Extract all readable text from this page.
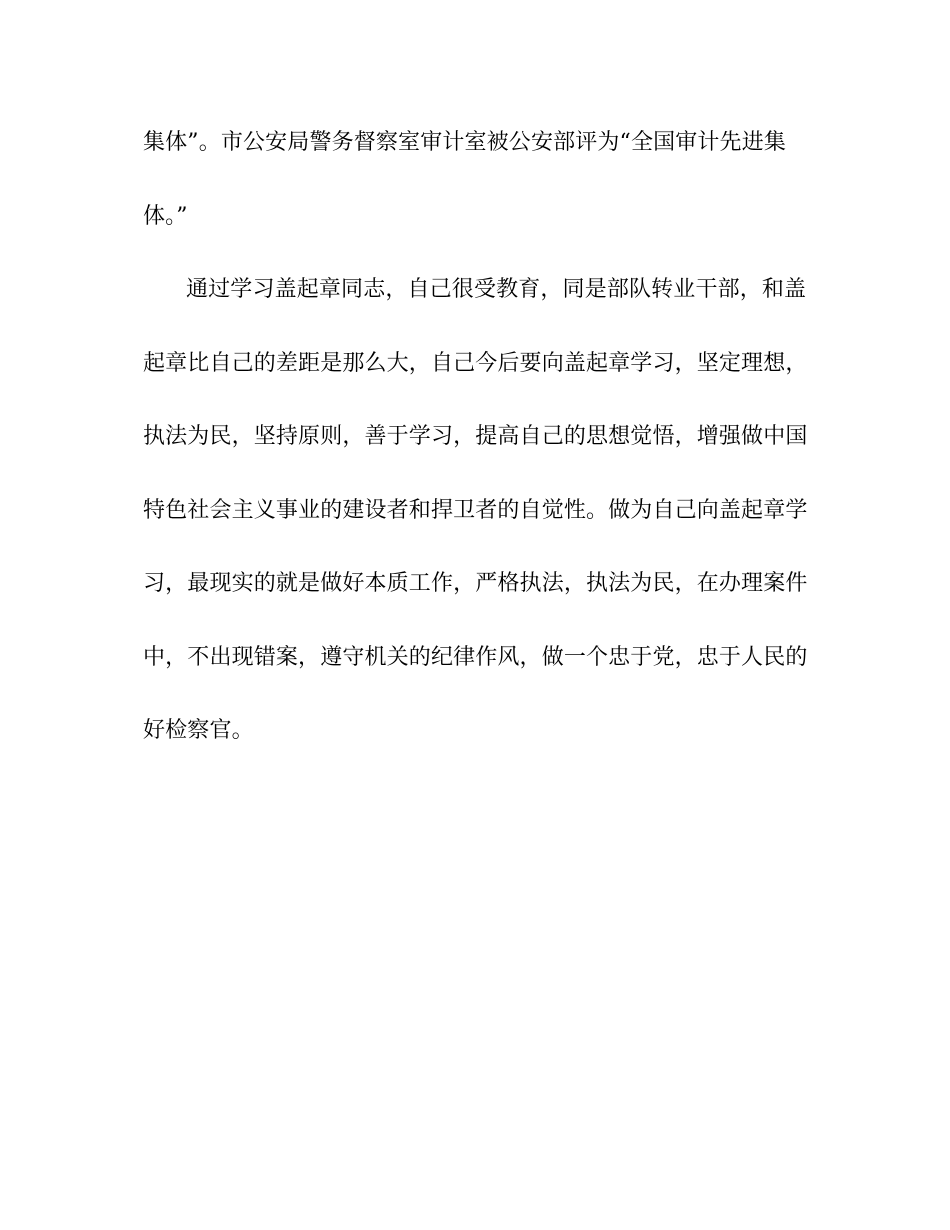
集体”。市公安局警务督察室审计室被公安部评为“全国审计先进集
体。”
通过学习盖起章同志，自己很受教育，同是部队转业干部，和盖
起章比自己的差距是那么大，自己今后要向盖起章学习，坚定理想，
执法为民，坚持原则，善于学习，提高自己的思想觉悟，增强做中国
特色社会主义事业的建设者和捍卫者的自觉性。做为自己向盖起章学
习，最现实的就是做好本质工作，严格执法，执法为民，在办理案件
中，不出现错案，遵守机关的纪律作风，做一个忠于党，忠于人民的
好检察官。
